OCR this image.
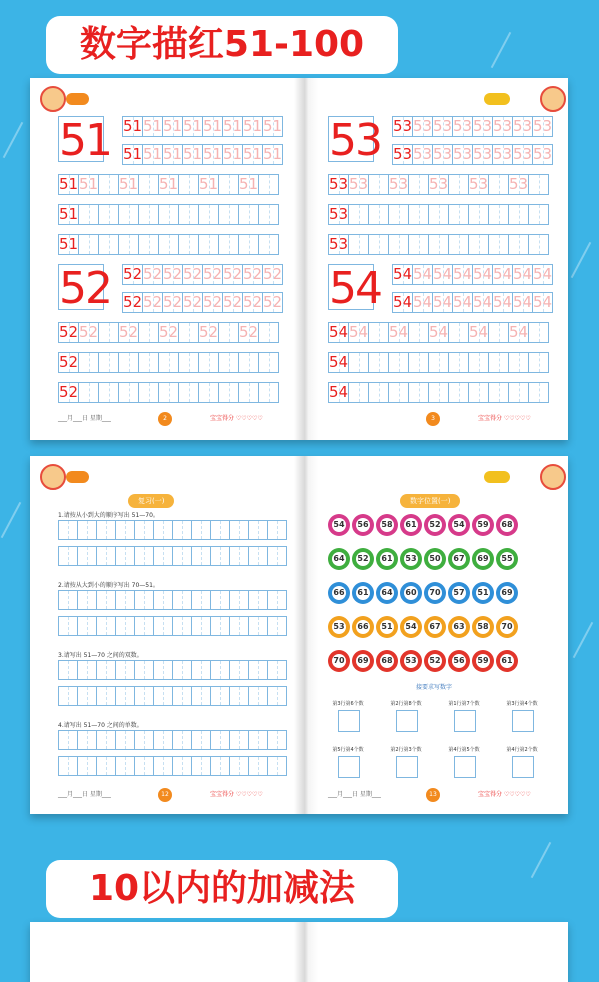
数字描红51-100

51 51 51 51 51 51 51 51 51
51 51 51 51 51 51 51 51
51 51 51 51 51 51
51
51
52 52 52 52 52 52 52 52 52
52 52 52 52 52 52 52 52
52 52 52 52 52 52
52
52
___月___日 星期___	2	宝宝得分 ♡♡♡♡♡

53 53 53 53 53 53 53 53 53
53 53 53 53 53 53 53 53
53 53 53 53 53 53
53
53
54 54 54 54 54 54 54 54 54
54 54 54 54 54 54 54 54
54 54 54 54 54 54
54
54
3	宝宝得分 ♡♡♡♡♡

复习(一)
1.请按从小到大的顺序写出 51—70。
2.请按从大到小的顺序写出 70—51。
3.请写出 51—70 之间的双数。
4.请写出 51—70 之间的单数。
___月___日 星期___	12	宝宝得分 ♡♡♡♡♡

数字位置(一)
54 56 58 61 52 54 59 68
64 52 61 53 50 67 69 55
66 61 64 60 70 57 51 69
53 66 51 54 67 63 58 70
70 69 68 53 52 56 59 61
接要求写数字
第3行第6个数	第2行第8个数	第1行第7个数	第3行第4个数
第5行第4个数	第2行第3个数	第4行第5个数	第4行第2个数
___月___日 星期___	13	宝宝得分 ♡♡♡♡♡
10以内的加减法
